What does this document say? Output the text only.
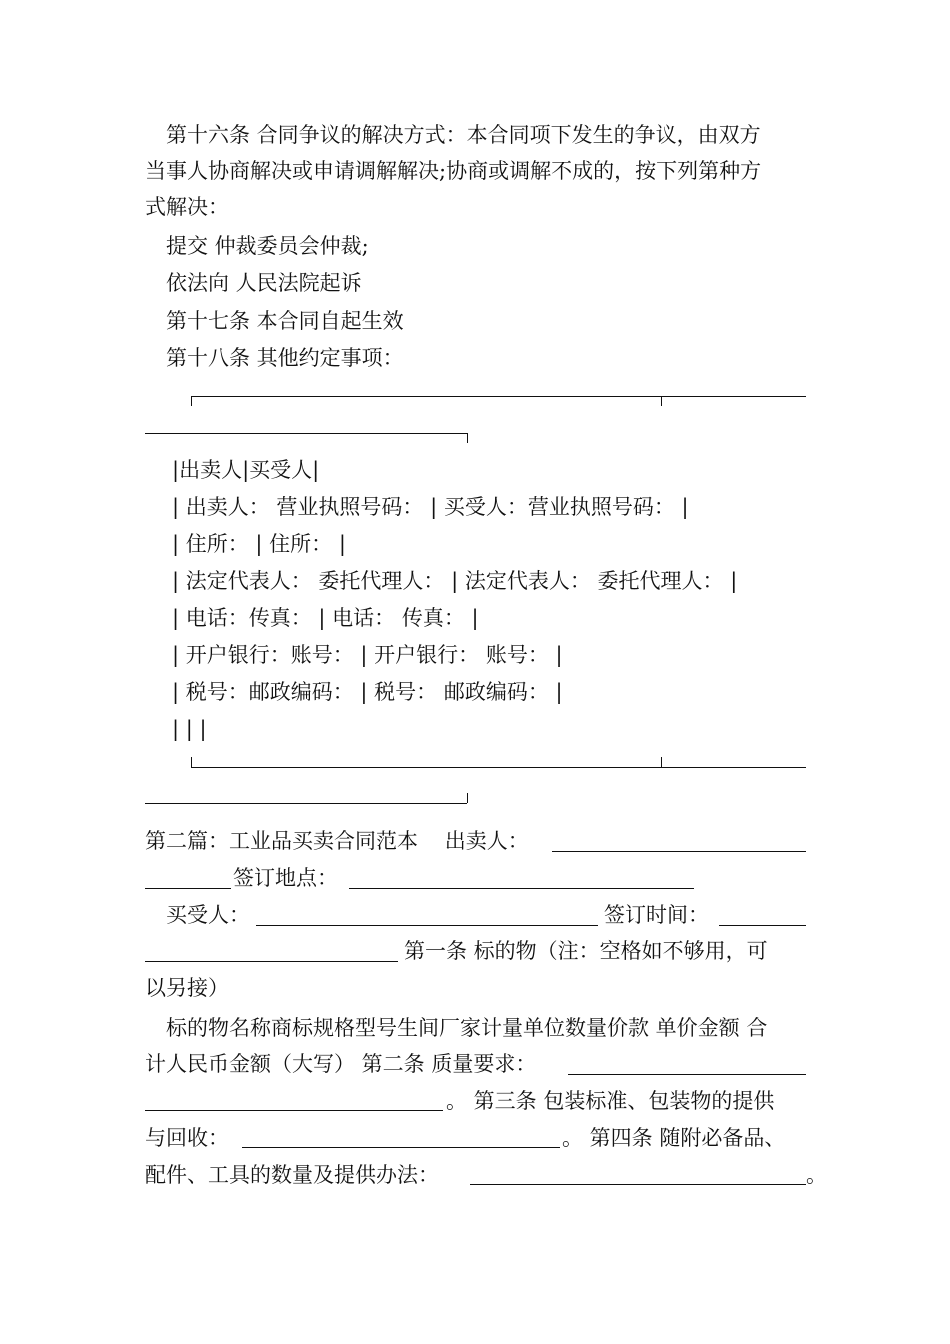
第十六条 合同争议的解决方式：本合同项下发生的争议，由双方
当事人协商解决或申请调解解决;协商或调解不成的，按下列第种方
式解决：
提交 仲裁委员会仲裁;
依法向 人民法院起诉
第十七条 本合同自起生效
第十八条 其他约定事项：
|出卖人|买受人|
| 出卖人： 营业执照号码： | 买受人：营业执照号码： |
| 住所： | 住所： |
| 法定代表人： 委托代理人： | 法定代表人： 委托代理人： |
| 电话：传真： | 电话： 传真： |
| 开户银行：账号： | 开户银行： 账号： |
| 税号：邮政编码： | 税号： 邮政编码： |
| | |
第二篇：工业品买卖合同范本 出卖人：
签订地点：
买受人：	签订时间：
第一条 标的物（注：空格如不够用，可
以另接）
标的物名称商标规格型号生间厂家计量单位数量价款 单价金额 合
计人民币金额（大写） 第二条 质量要求：
。 第三条 包装标准、包装物的提供
与回收：	。 第四条 随附必备品、
配件、工具的数量及提供办法：	。
